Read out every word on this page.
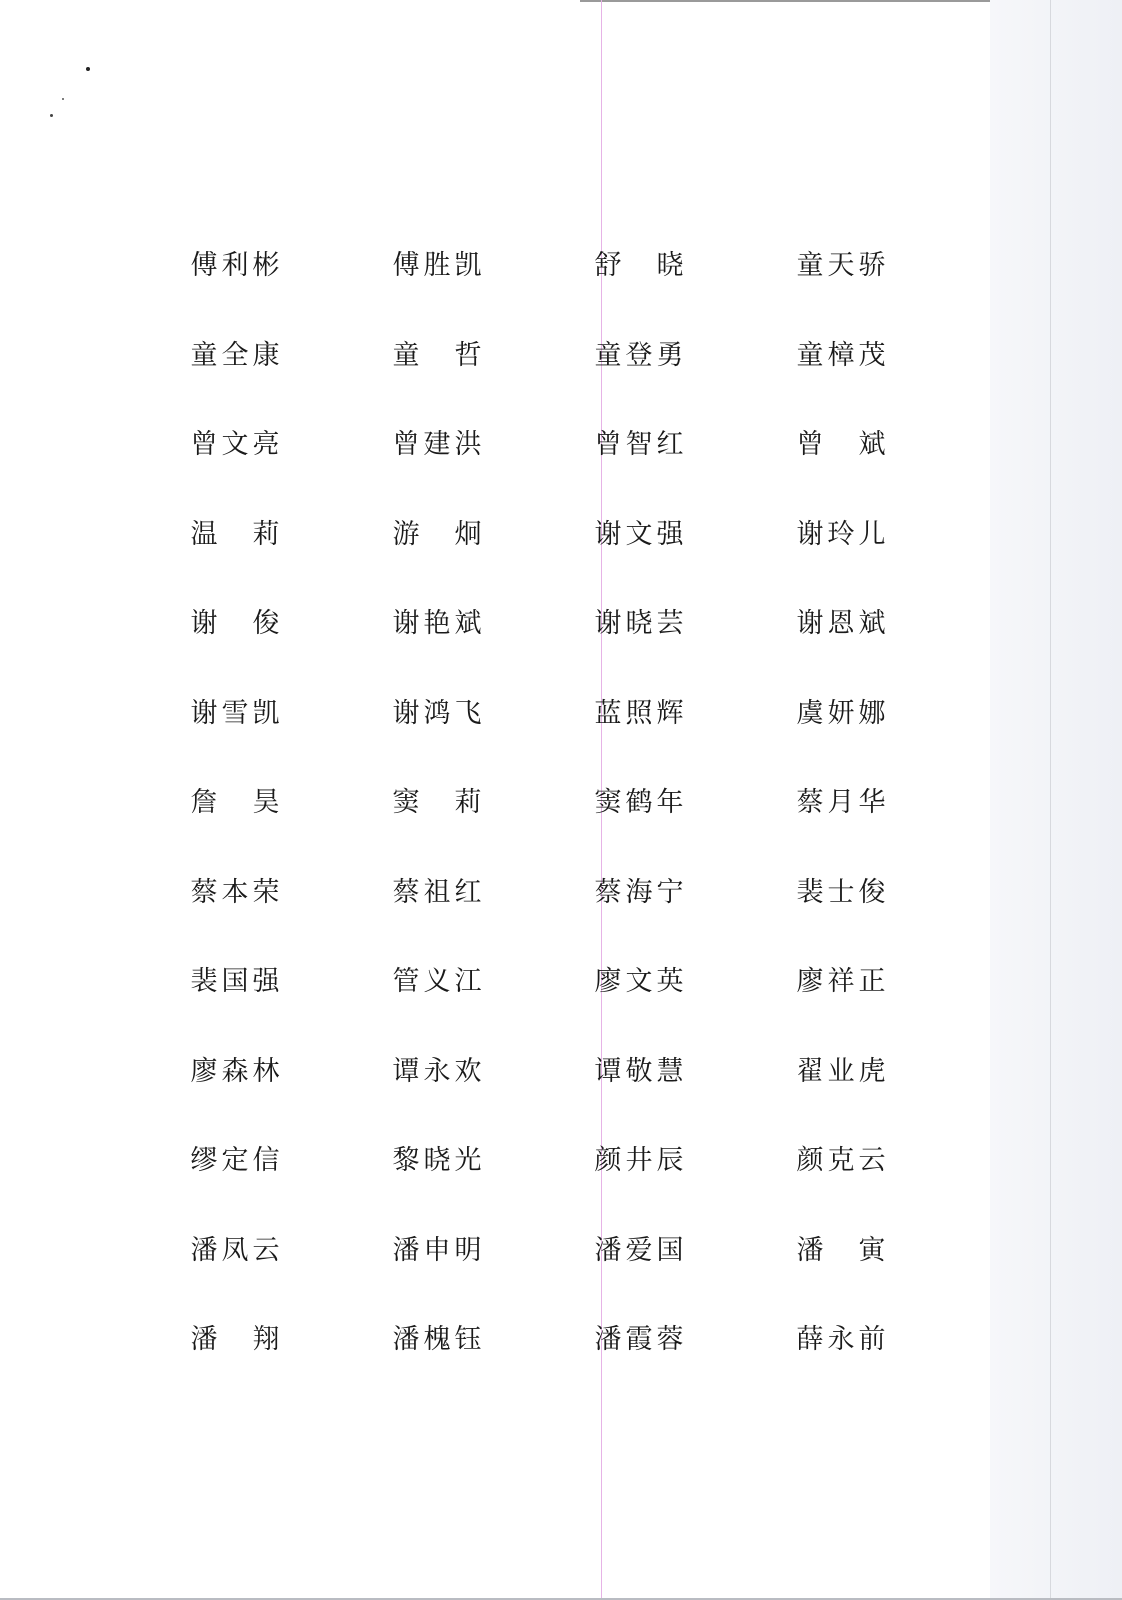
傅 利 彬	傅 胜 凯	舒 晓	童 天 骄
童 全 康	童 哲	童 登 勇	童 樟 茂
曾 文 亮	曾 建 洪	曾 智 红	曾 斌
温 莉	游 炯	谢 文 强	谢 玲 儿
谢 俊	谢 艳 斌	谢 晓 芸	谢 恩 斌
谢 雪 凯	谢 鸿 飞	蓝 照 辉	虞 妍 娜
詹 昊	窦 莉	窦 鹤 年	蔡 月 华
蔡 本 荣	蔡 祖 红	蔡 海 宁	裴 士 俊
裴 国 强	管 义 江	廖 文 英	廖 祥 正
廖 森 林	谭 永 欢	谭 敬 慧	翟 业 虎
缪 定 信	黎 晓 光	颜 井 辰	颜 克 云
潘 凤 云	潘 申 明	潘 爱 国	潘 寅
潘 翔	潘 槐 钰	潘 霞 蓉	薛 永 前
